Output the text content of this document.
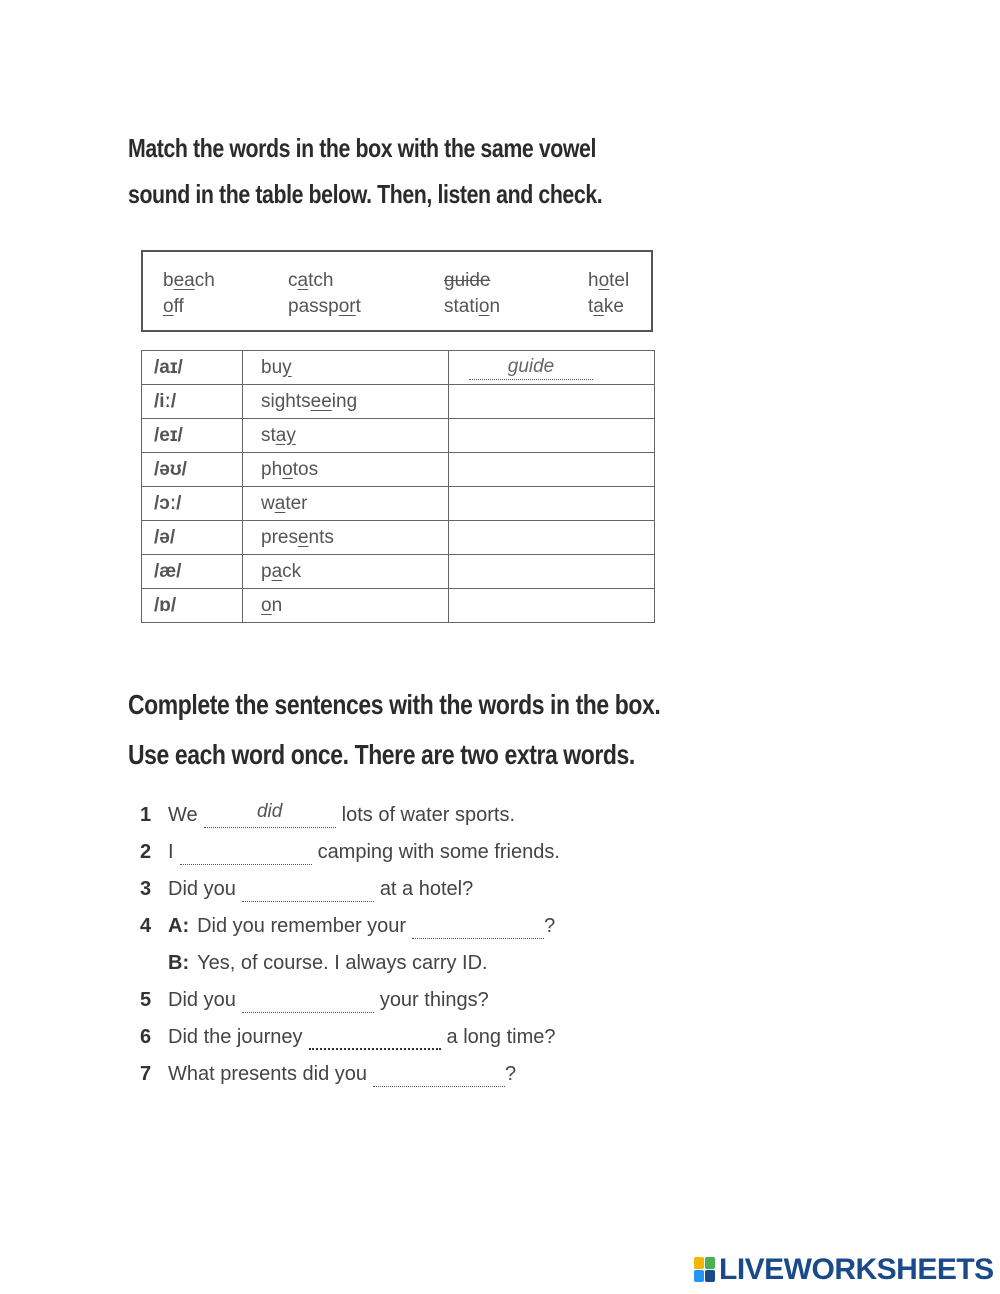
Match the words in the box with the same vowel
sound in the table below. Then, listen and check.
beach	catch	guide	hotel
off	passport	station	take
/aɪ/	buy	guide

/iː/	sightseeing	
/eɪ/	stay	
/əʊ/	photos	
/ɔː/	water	
/ə/	presents	
/æ/	pack	
/ɒ/	on	
Complete the sentences with the words in the box.
Use each word once. There are two extra words.
1 We	did	lots of water sports.
2 I	camping with some friends.
3 Did you	at a hotel?
4 A: Did you remember your	?
B: Yes, of course. I always carry ID.
5 Did you	your things?
6 Did the journey	a long time?
7 What presents did you	?
LIVEWORKSHEETS
